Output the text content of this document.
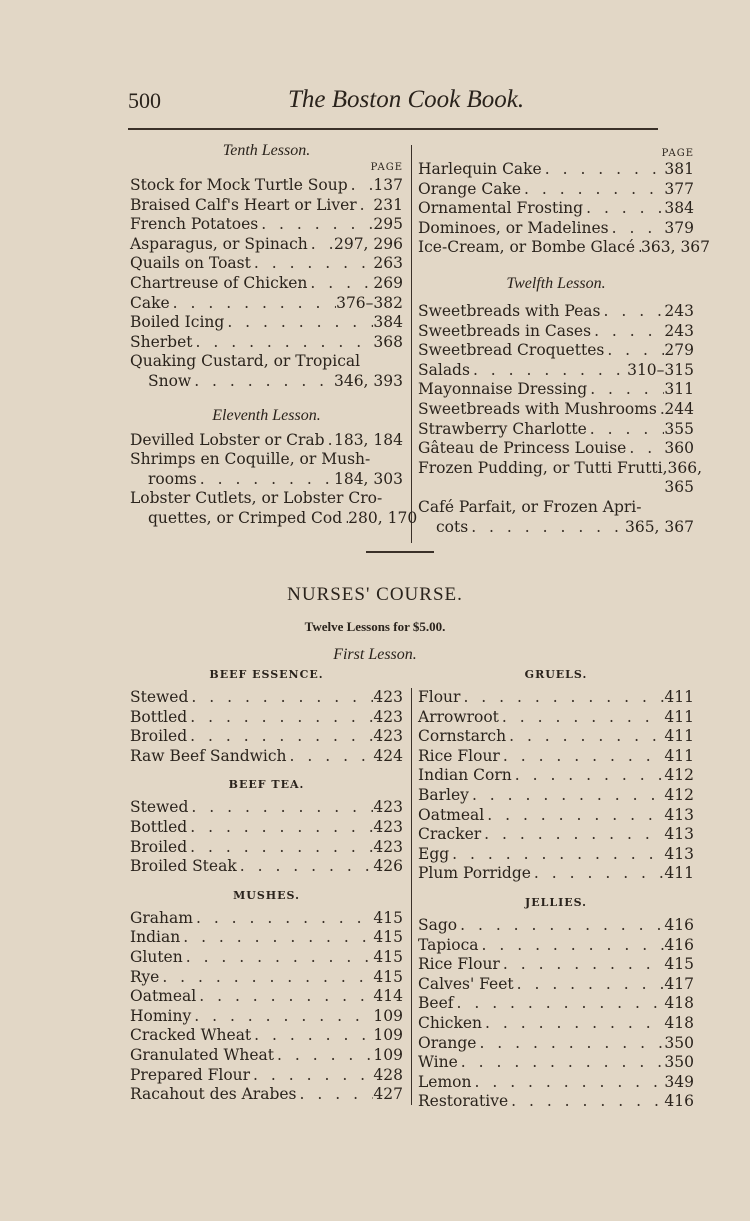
500	The Boston Cook Book.

Tenth Lesson.

PAGE
Stock for Mock Turtle Soup . . . 137
Braised Calf's Heart or Liver . . . 231
French Potatoes . . .	295
Asparagus, or Spinach . . . 297, 296
Quails on Toast . . .	263
Chartreuse of Chicken . . .	269
Cake . . .	376–382
Boiled Icing . . .	384
Sherbet . . .	368
Quaking Custard, or Tropical
Snow . . .	346, 393

Eleventh Lesson.

Devilled Lobster or Crab . . . 183, 184
Shrimps en Coquille, or Mush-
rooms . . .	184, 303
Lobster Cutlets, or Lobster Cro-
quettes, or Crimped Cod . . . 280, 170
PAGE
Harlequin Cake . . .	381
Orange Cake . . .	377
Ornamental Frosting . . .	384
Dominoes, or Madelines . . .	379
Ice-Cream, or Bombe Glacé . . . 363, 367

Twelfth Lesson.

Sweetbreads with Peas . . .	243
Sweetbreads in Cases . . .	243
Sweetbread Croquettes . . .	279
Salads . . .	310–315
Mayonnaise Dressing . . .	311
Sweetbreads with Mushrooms . . . 244
Strawberry Charlotte . . .	355
Gâteau de Princess Louise . . . 360
Frozen Pudding, or Tutti Frutti, 366,
365
Café Parfait, or Frozen Apri-
cots . . .	365, 367
NURSES' COURSE.
Twelve Lessons for $5.00.
First Lesson.
BEEF ESSENCE.
Stewed . . .	423
Bottled . . .	423
Broiled . . .	423
Raw Beef Sandwich . . .	424
BEEF TEA.
Stewed . . .	423
Bottled . . .	423
Broiled . . .	423
Broiled Steak . . .	426
MUSHES.
Graham . . .	415
Indian . . .	415
Gluten . . .	415
Rye . . .	415
Oatmeal . . .	414
Hominy . . .	109
Cracked Wheat . . .	109
Granulated Wheat . . .	109
Prepared Flour . . .	428
Racahout des Arabes . . .	427
GRUELS.
Flour . . .	411
Arrowroot . . .	411
Cornstarch . . .	411
Rice Flour . . .	411
Indian Corn . . .	412
Barley . . .	412
Oatmeal . . .	413
Cracker . . .	413
Egg . . .	413
Plum Porridge . . .	411
JELLIES.
Sago . . .	416
Tapioca . . .	416
Rice Flour . . .	415
Calves' Feet . . .	417
Beef . . .	418
Chicken . . .	418
Orange . . .	350
Wine . . .	350
Lemon . . .	349
Restorative . . .	416
